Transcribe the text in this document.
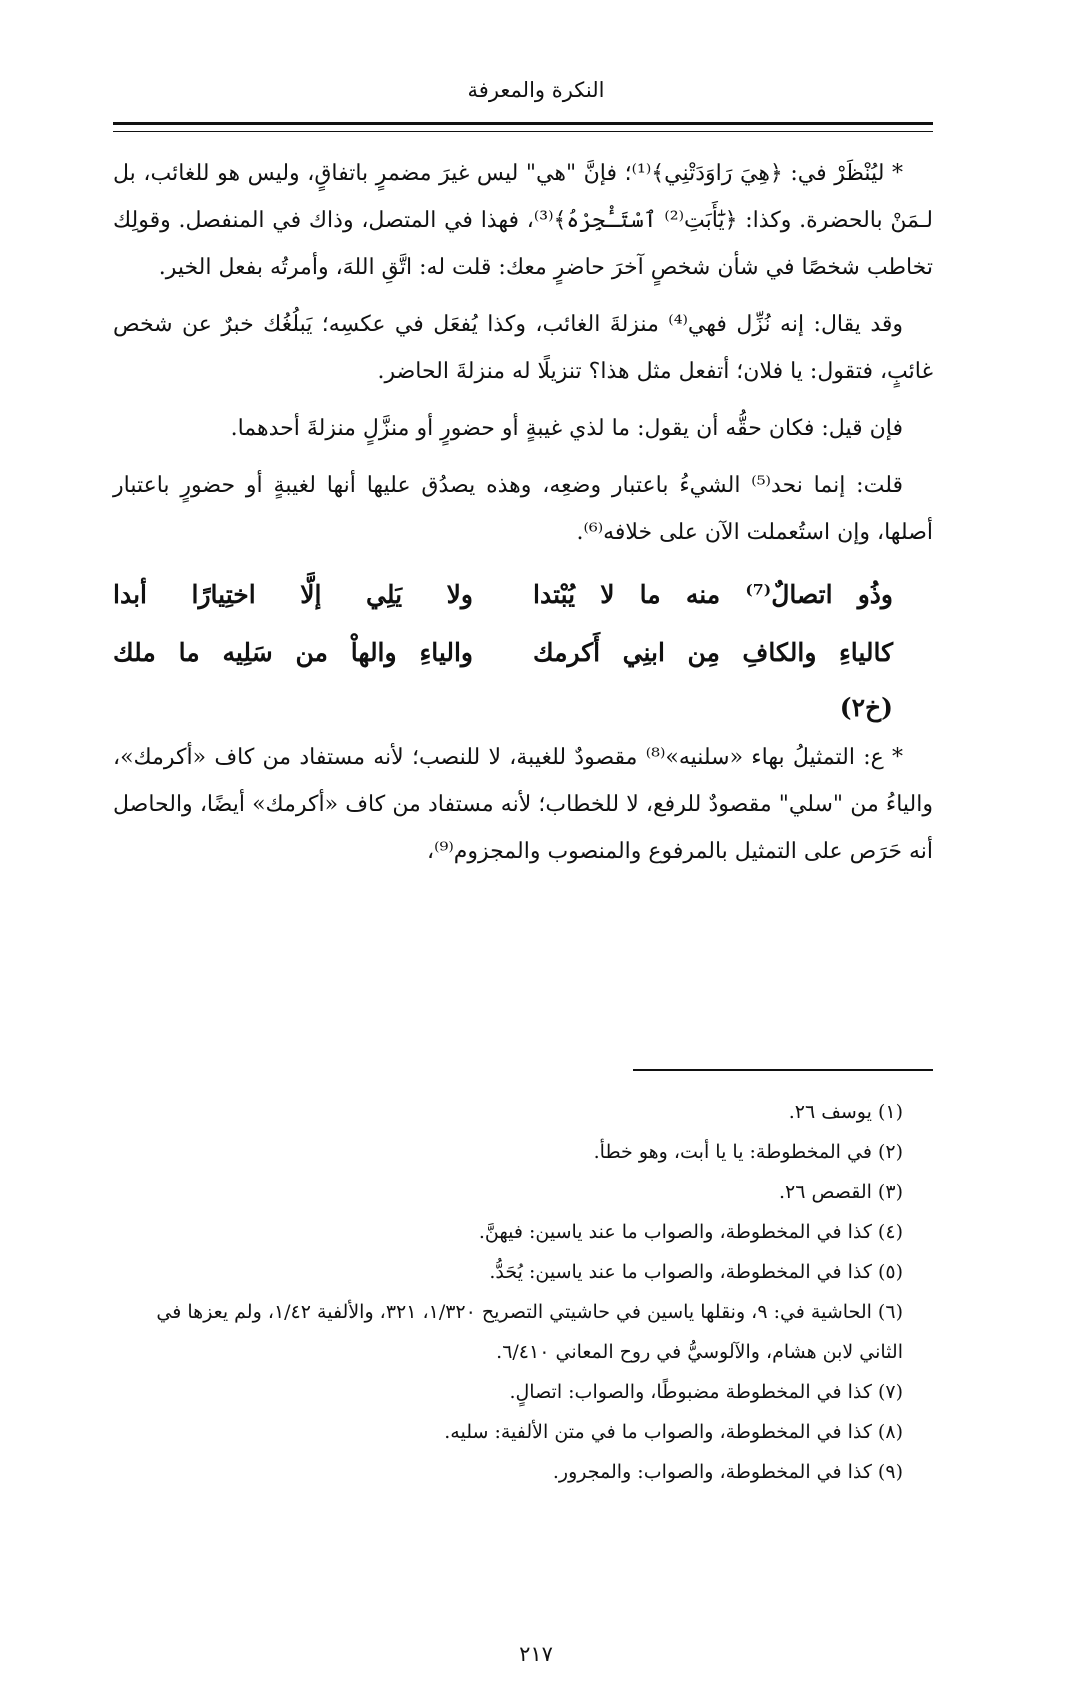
النكرة والمعرفة

* ليُنْظَرْ في: ﴿هِيَ رَاوَدَتْنِي﴾⁽¹⁾؛ فإنَّ "هي" ليس غيرَ مضمرٍ باتفاقٍ، وليس هو للغائب، بل لـمَنْ بالحضرة. وكذا: ﴿يَٰٓأَبَتِ⁽²⁾ ٱسْتَـْٔجِرْهُ﴾⁽³⁾، فهذا في المتصل، وذاك في المنفصل. وقولِك تخاطب شخصًا في شأن شخصٍ آخرَ حاضرٍ معك: قلت له: اتَّقِ اللهَ، وأمرتُه بفعل الخير.

وقد يقال: إنه نُزِّل فهي⁽⁴⁾ منزلةَ الغائب، وكذا يُفعَل في عكسِه؛ يَبلُغُك خبرٌ عن شخص غائبٍ، فتقول: يا فلان؛ أتفعل مثل هذا؟ تنزيلًا له منزلةَ الحاضر.

فإن قيل: فكان حقُّه أن يقول: ما لذي غيبةٍ أو حضورٍ أو منزَّلٍ منزلةَ أحدهما.

قلت: إنما نحد⁽⁵⁾ الشيءُ باعتبار وضعِه، وهذه يصدُق عليها أنها لغيبةٍ أو حضورٍ باعتبار أصلها، وإن استُعملت الآن على خلافه⁽⁶⁾.

وذُو اتصالٌ⁽⁷⁾ منه ما لا يُبْتدا
ولا يَلِي إلَّا اختِيارًا أبدا
كالياءِ والكافِ مِن ابنِي أَكرمك
والياءِ والهاْ من سَلِيه ما ملك
(خ٢)

* ع: التمثيلُ بهاء «سلنيه»⁽⁸⁾ مقصودٌ للغيبة، لا للنصب؛ لأنه مستفاد من كاف «أكرمك»، والياءُ من "سلي" مقصودٌ للرفع، لا للخطاب؛ لأنه مستفاد من كاف «أكرمك» أيضًا، والحاصل أنه حَرَص على التمثيل بالمرفوع والمنصوب والمجزوم⁽⁹⁾،

(١) يوسف ٢٦.

(٢) في المخطوطة: يا يا أبت، وهو خطأ.

(٣) القصص ٢٦.

(٤) كذا في المخطوطة، والصواب ما عند ياسين: فيهنَّ.

(٥) كذا في المخطوطة، والصواب ما عند ياسين: يُحَدُّ.

(٦) الحاشية في: ٩، ونقلها ياسين في حاشيتي التصريح ١/٣٢٠، ٣٢١، والألفية ١/٤٢، ولم يعزها في الثاني لابن هشام، والآلوسيُّ في روح المعاني ٦/٤١٠.

(٧) كذا في المخطوطة مضبوطًا، والصواب: اتصالٍ.

(٨) كذا في المخطوطة، والصواب ما في متن الألفية: سليه.

(٩) كذا في المخطوطة، والصواب: والمجرور.

٢١٧
